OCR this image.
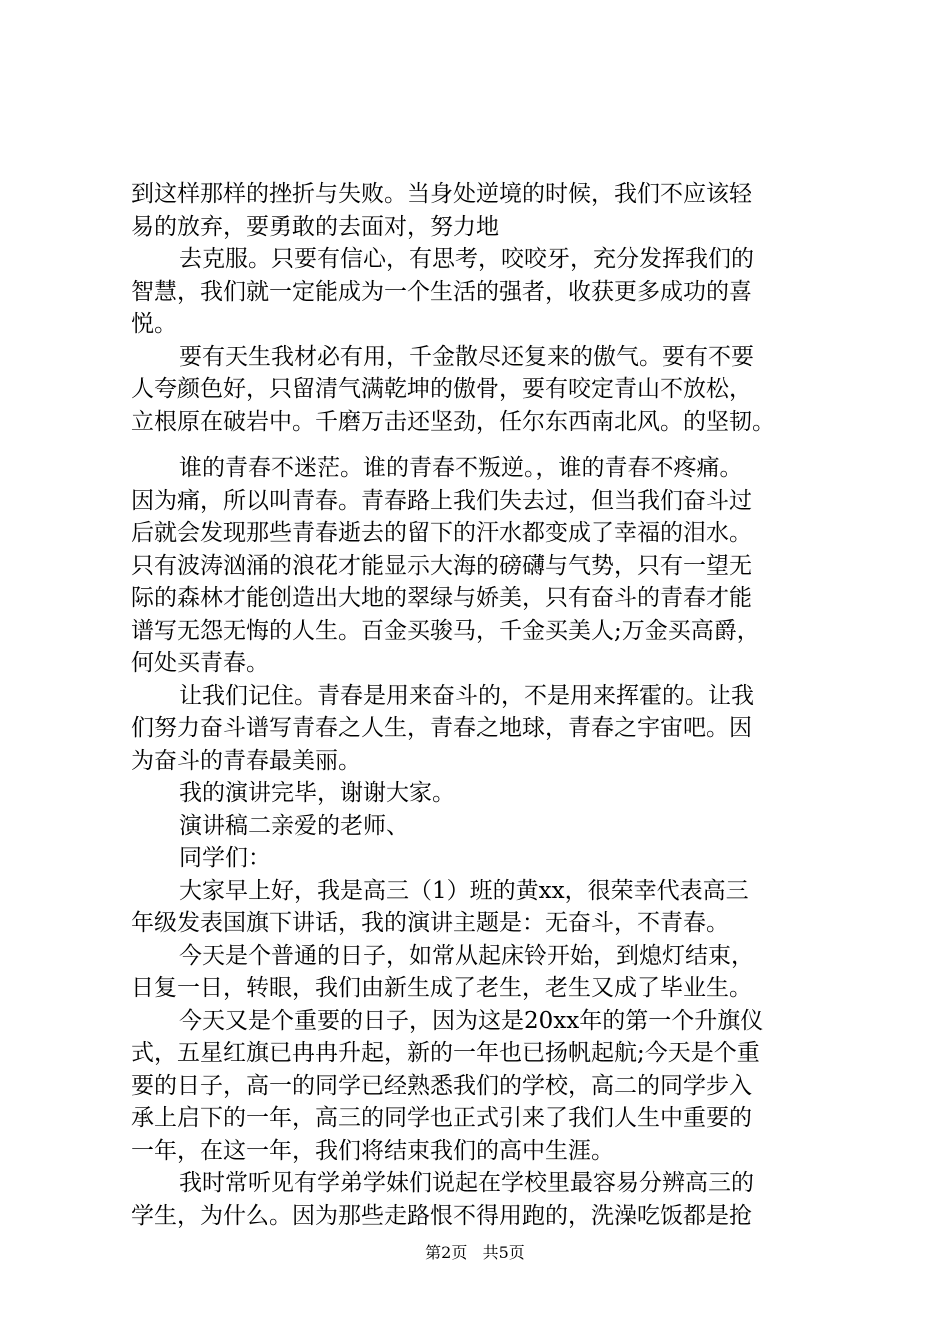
到这样那样的挫折与失败。当身处逆境的时候，我们不应该轻

易的放弃，要勇敢的去面对，努力地

去克服。只要有信心，有思考，咬咬牙，充分发挥我们的

智慧，我们就一定能成为一个生活的强者，收获更多成功的喜

悦。

要有天生我材必有用，千金散尽还复来的傲气。要有不要

人夸颜色好，只留清气满乾坤的傲骨，要有咬定青山不放松，

立根原在破岩中。千磨万击还坚劲，任尔东西南北风。的坚韧。

谁的青春不迷茫。谁的青春不叛逆。，谁的青春不疼痛。

因为痛，所以叫青春。青春路上我们失去过，但当我们奋斗过

后就会发现那些青春逝去的留下的汗水都变成了幸福的泪水。

只有波涛汹涌的浪花才能显示大海的磅礴与气势，只有一望无

际的森林才能创造出大地的翠绿与娇美，只有奋斗的青春才能

谱写无怨无悔的人生。百金买骏马，千金买美人;万金买高爵，

何处买青春。

让我们记住。青春是用来奋斗的，不是用来挥霍的。让我

们努力奋斗谱写青春之人生，青春之地球，青春之宇宙吧。因

为奋斗的青春最美丽。

我的演讲完毕，谢谢大家。

演讲稿二亲爱的老师、

同学们：

大家早上好，我是高三（1）班的黄xx，很荣幸代表高三

年级发表国旗下讲话，我的演讲主题是：无奋斗，不青春。

今天是个普通的日子，如常从起床铃开始，到熄灯结束，

日复一日，转眼，我们由新生成了老生，老生又成了毕业生。

今天又是个重要的日子，因为这是20xx年的第一个升旗仪

式，五星红旗已冉冉升起，新的一年也已扬帆起航;今天是个重

要的日子，高一的同学已经熟悉我们的学校，高二的同学步入

承上启下的一年，高三的同学也正式引来了我们人生中重要的

一年，在这一年，我们将结束我们的高中生涯。

我时常听见有学弟学妹们说起在学校里最容易分辨高三的

学生，为什么。因为那些走路恨不得用跑的，洗澡吃饭都是抢

第2页 共5页
